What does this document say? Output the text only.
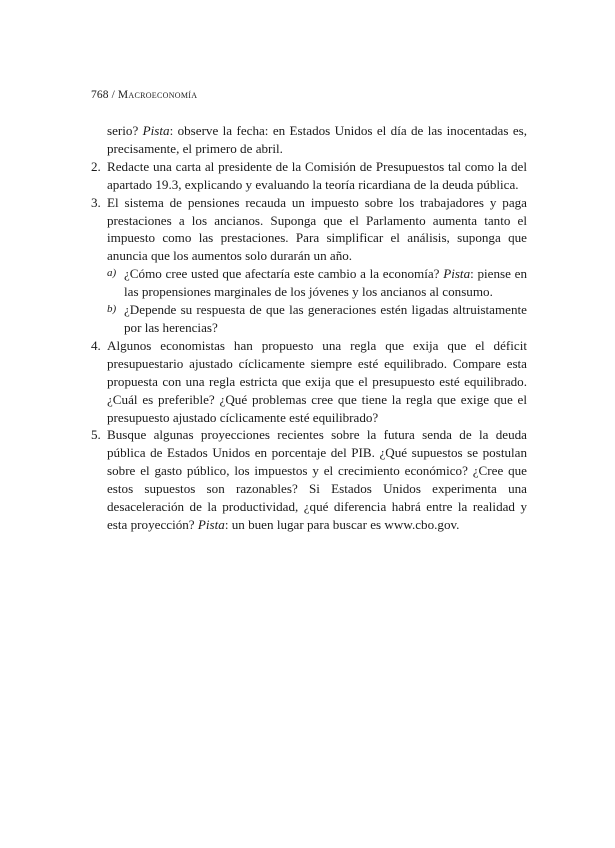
768 / Macroeconomía

serio? Pista: observe la fecha: en Estados Unidos el día de las inocentadas es, precisamente, el primero de abril.

2. Redacte una carta al presidente de la Comisión de Presupuestos tal como la del apartado 19.3, explicando y evaluando la teoría ricardiana de la deuda pública.

3. El sistema de pensiones recauda un impuesto sobre los trabajadores y paga prestaciones a los ancianos. Suponga que el Parlamento aumenta tanto el impuesto como las prestaciones. Para simplificar el análisis, suponga que anuncia que los aumentos solo durarán un año.

a) ¿Cómo cree usted que afectaría este cambio a la economía? Pista: piense en las propensiones marginales de los jóvenes y los ancianos al consumo.

b) ¿Depende su respuesta de que las generaciones estén ligadas altruistamente por las herencias?

4. Algunos economistas han propuesto una regla que exija que el déficit presupuestario ajustado cíclicamente siempre esté equilibrado. Compare esta propuesta con una regla estricta que exija que el presupuesto esté equilibrado. ¿Cuál es preferible? ¿Qué problemas cree que tiene la regla que exige que el presupuesto ajustado cíclicamente esté equilibrado?

5. Busque algunas proyecciones recientes sobre la futura senda de la deuda pública de Estados Unidos en porcentaje del PIB. ¿Qué supuestos se postulan sobre el gasto público, los impuestos y el crecimiento económico? ¿Cree que estos supuestos son razonables? Si Estados Unidos experimenta una desaceleración de la productividad, ¿qué diferencia habrá entre la realidad y esta proyección? Pista: un buen lugar para buscar es www.cbo.gov.
